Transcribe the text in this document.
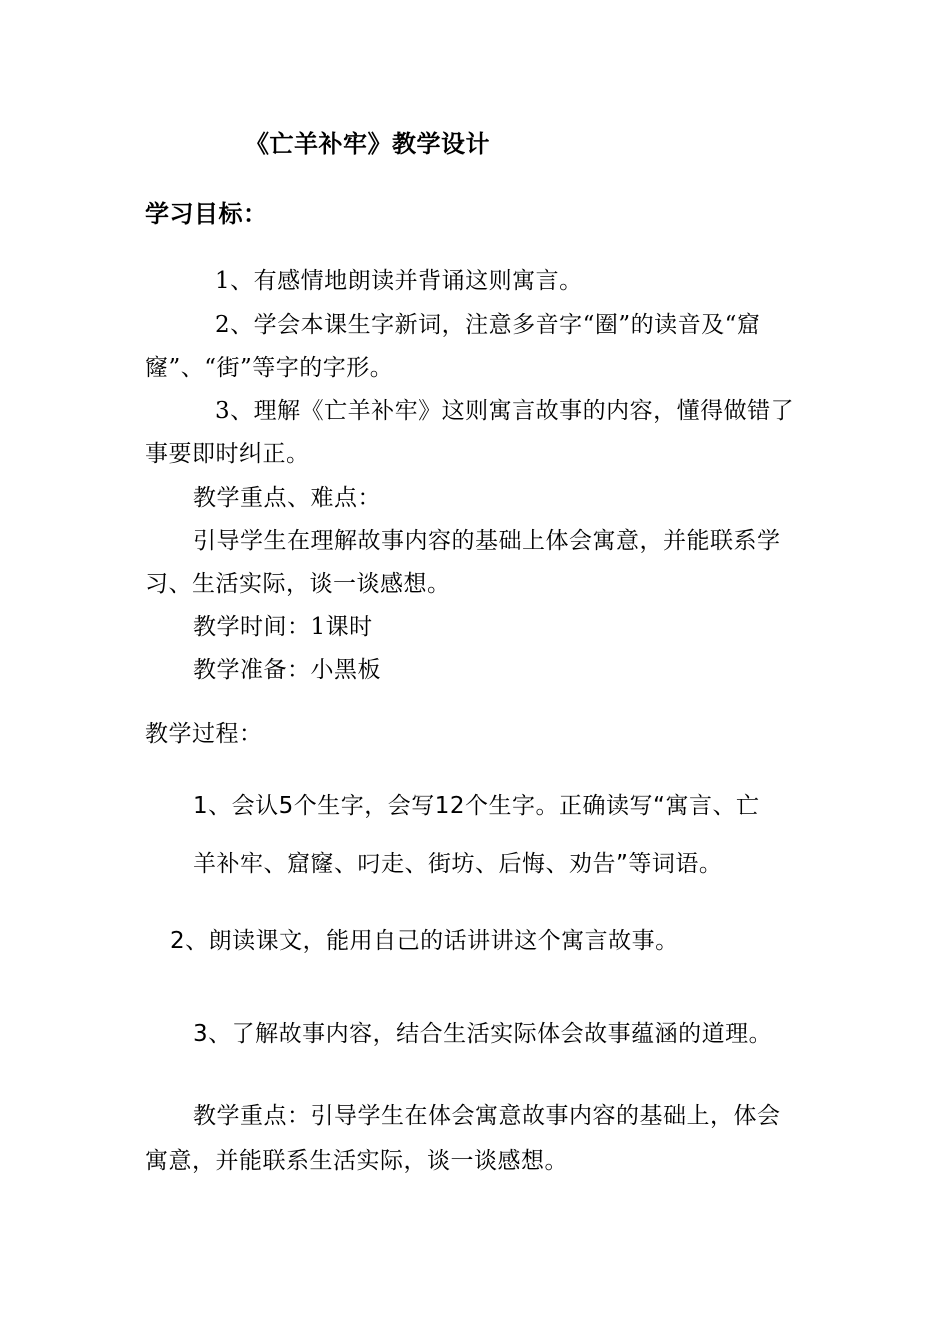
《亡羊补牢》教学设计
学习目标：
1、有感情地朗读并背诵这则寓言。
2、学会本课生字新词，注意多音字“圈”的读音及“窟
窿”、“街”等字的字形。
3、理解《亡羊补牢》这则寓言故事的内容，懂得做错了
事要即时纠正。
教学重点、难点：
引导学生在理解故事内容的基础上体会寓意，并能联系学
习、生活实际，谈一谈感想。
教学时间：1课时
教学准备：小黑板
教学过程：
1、会认5个生字，会写12个生字。正确读写“寓言、亡
羊补牢、窟窿、叼走、街坊、后悔、劝告”等词语。
2、朗读课文，能用自己的话讲讲这个寓言故事。
3、了解故事内容，结合生活实际体会故事蕴涵的道理。
教学重点：引导学生在体会寓意故事内容的基础上，体会
寓意，并能联系生活实际，谈一谈感想。
